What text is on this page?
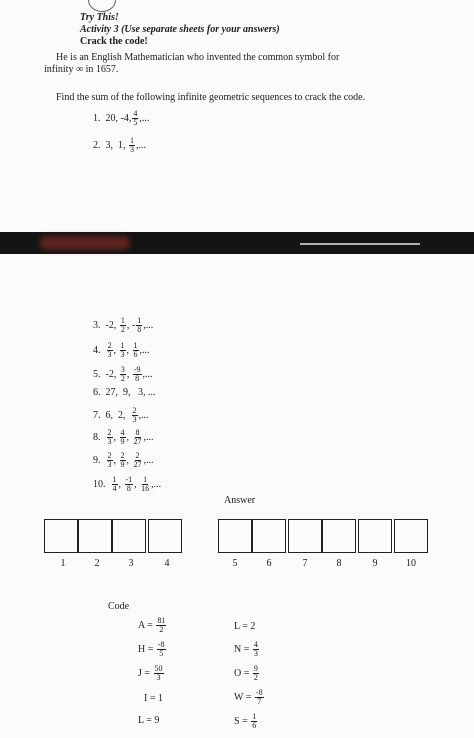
Try This!
Activity 3 (Use separate sheets for your answers)
Crack the code!
He is an English Mathematician who invented the common symbol for
infinity ∞ in 1657.
Find the sum of the following infinite geometric sequences to crack the code.
Answer
Code
1. 20, -4, $\frac{4}{5}$ ,...
2. 3,  1, $\frac{1}{3}$ ,...
3. -2, $\frac{1}{2}$ , - $\frac{1}{8}$ ,...
4. $\frac{2}{3}$ , $\frac{1}{3}$ , $\frac{1}{6}$ ,...
5. -2, $\frac{3}{2}$ , $\frac{-9}{8}$ ,...
6. 27,  9,   3, ...
7. 6,  2, $\frac{2}{3}$ ,...
8. $\frac{2}{3}$ , $\frac{4}{9}$ , $\frac{8}{27}$ ,...
9. $\frac{2}{3}$ , $\frac{2}{9}$ , $\frac{2}{27}$ ,...
10. $\frac{1}{4}$ , $\frac{-1}{8}$ , $\frac{1}{16}$ ,...
1	2	3	4	5	6	7	8	9	10
$A = \frac{81}{2}$	L = 2
$H = \frac{-8}{5}$	$N = \frac{4}{3}$
$J = \frac{50}{3}$	$O = \frac{9}{2}$
I = 1	$W = \frac{-8}{7}$
L = 9	$S = \frac{1}{6}$
